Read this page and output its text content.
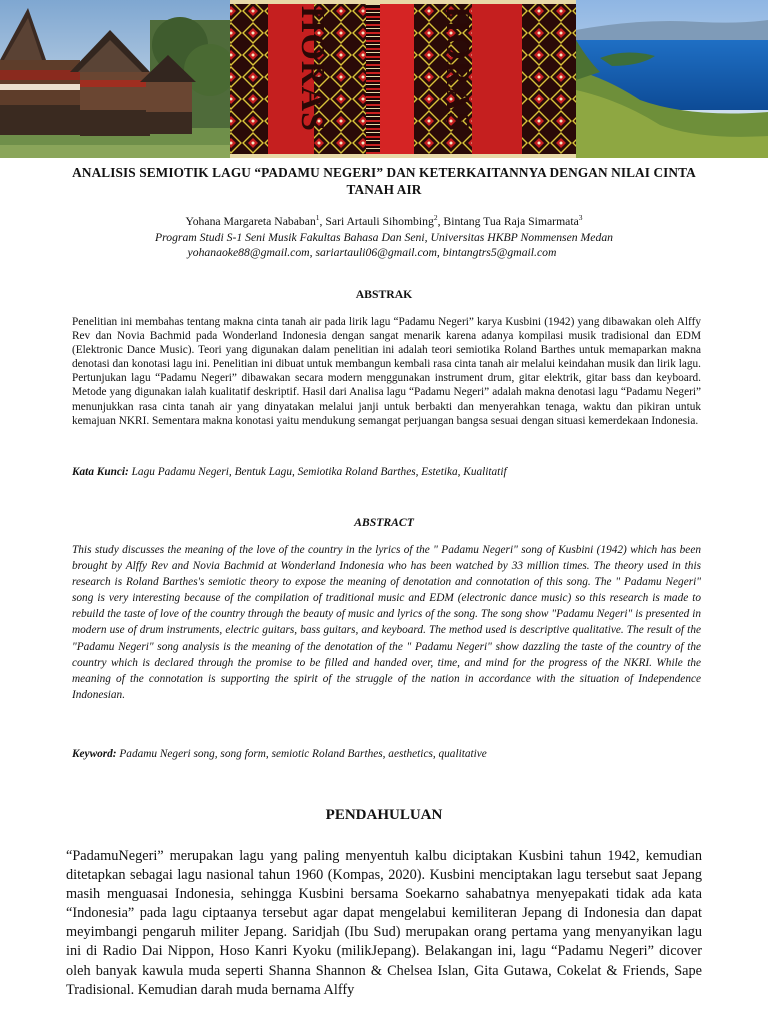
HORAS	HORAS
ANALISIS SEMIOTIK LAGU “PADAMU NEGERI” DAN KETERKAITANNYA DENGAN NILAI CINTA TANAH AIR
Yohana Margareta Nababan$^1$, Sari Artauli Sihombing$^2$, Bintang Tua Raja Simarmata$^3$
Program Studi S-1 Seni Musik Fakultas Bahasa Dan Seni, Universitas HKBP Nommensen Medan
yohanaoke88@gmail.com, sariartauli06@gmail.com, bintangtrs5@gmail.com
ABSTRAK
Penelitian ini membahas tentang makna cinta tanah air pada lirik lagu “Padamu Negeri” karya Kusbini (1942) yang dibawakan oleh Alffy Rev dan Novia Bachmid pada Wonderland Indonesia dengan sangat menarik karena adanya kompilasi musik tradisional dan EDM (Elektronic Dance Music). Teori yang digunakan dalam penelitian ini adalah teori semiotika Roland Barthes untuk memaparkan makna denotasi dan konotasi lagu ini. Penelitian ini dibuat untuk membangun kembali rasa cinta tanah air melalui keindahan musik dan lirik lagu. Pertunjukan lagu “Padamu Negeri” dibawakan secara modern menggunakan instrument drum, gitar elektrik, gitar bass dan keyboard. Metode yang digunakan ialah kualitatif deskriptif. Hasil dari Analisa lagu “Padamu Negeri” adalah makna denotasi lagu “Padamu Negeri” menunjukkan rasa cinta tanah air yang dinyatakan melalui janji untuk berbakti dan menyerahkan tenaga, waktu dan pikiran untuk kemajuan NKRI. Sementara makna konotasi yaitu mendukung semangat perjuangan bangsa sesuai dengan situasi kemerdekaan Indonesia.
Kata Kunci: Lagu Padamu Negeri, Bentuk Lagu, Semiotika Roland Barthes, Estetika, Kualitatif
ABSTRACT
This study discusses the meaning of the love of the country in the lyrics of the " Padamu Negeri" song of Kusbini (1942) which has been brought by Alffy Rev and Novia Bachmid at Wonderland Indonesia who has been watched by 33 million times. The theory used in this research is Roland Barthes's semiotic theory to expose the meaning of denotation and connotation of this song. The " Padamu Negeri" song is very interesting because of the compilation of traditional music and EDM (electronic dance music) so this research is made to rebuild the taste of love of the country through the beauty of music and lyrics of the song. The song show "Padamu Negeri" is presented in modern use of drum instruments, electric guitars, bass guitars, and keyboard. The method used is descriptive qualitative. The result of the "Padamu Negeri" song analysis is the meaning of the denotation of the " Padamu Negeri" show dazzling the taste of the country of the country which is declared through the promise to be filled and handed over, time, and mind for the progress of the NKRI. While the meaning of the connotation is supporting the spirit of the struggle of the nation in accordance with the situation of Independence Indonesian.
Keyword: Padamu Negeri song, song form, semiotic Roland Barthes, aesthetics, qualitative
PENDAHULUAN
“PadamuNegeri” merupakan lagu yang paling menyentuh kalbu diciptakan Kusbini tahun 1942, kemudian ditetapkan sebagai lagu nasional tahun 1960 (Kompas, 2020). Kusbini menciptakan lagu tersebut saat Jepang masih menguasai Indonesia, sehingga Kusbini bersama Soekarno sahabatnya menyepakati tidak ada kata “Indonesia” pada lagu ciptaanya tersebut agar dapat mengelabui kemiliteran Jepang di Indonesia dan dapat meyimbangi pengaruh militer Jepang. Saridjah (Ibu Sud) merupakan orang pertama yang menyanyikan lagu ini di Radio Dai Nippon, Hoso Kanri Kyoku (milikJepang). Belakangan ini, lagu “Padamu Negeri” dicover oleh banyak kawula muda seperti Shanna Shannon & Chelsea Islan, Gita Gutawa, Cokelat & Friends, Sape Tradisional. Kemudian darah muda bernama Alffy
